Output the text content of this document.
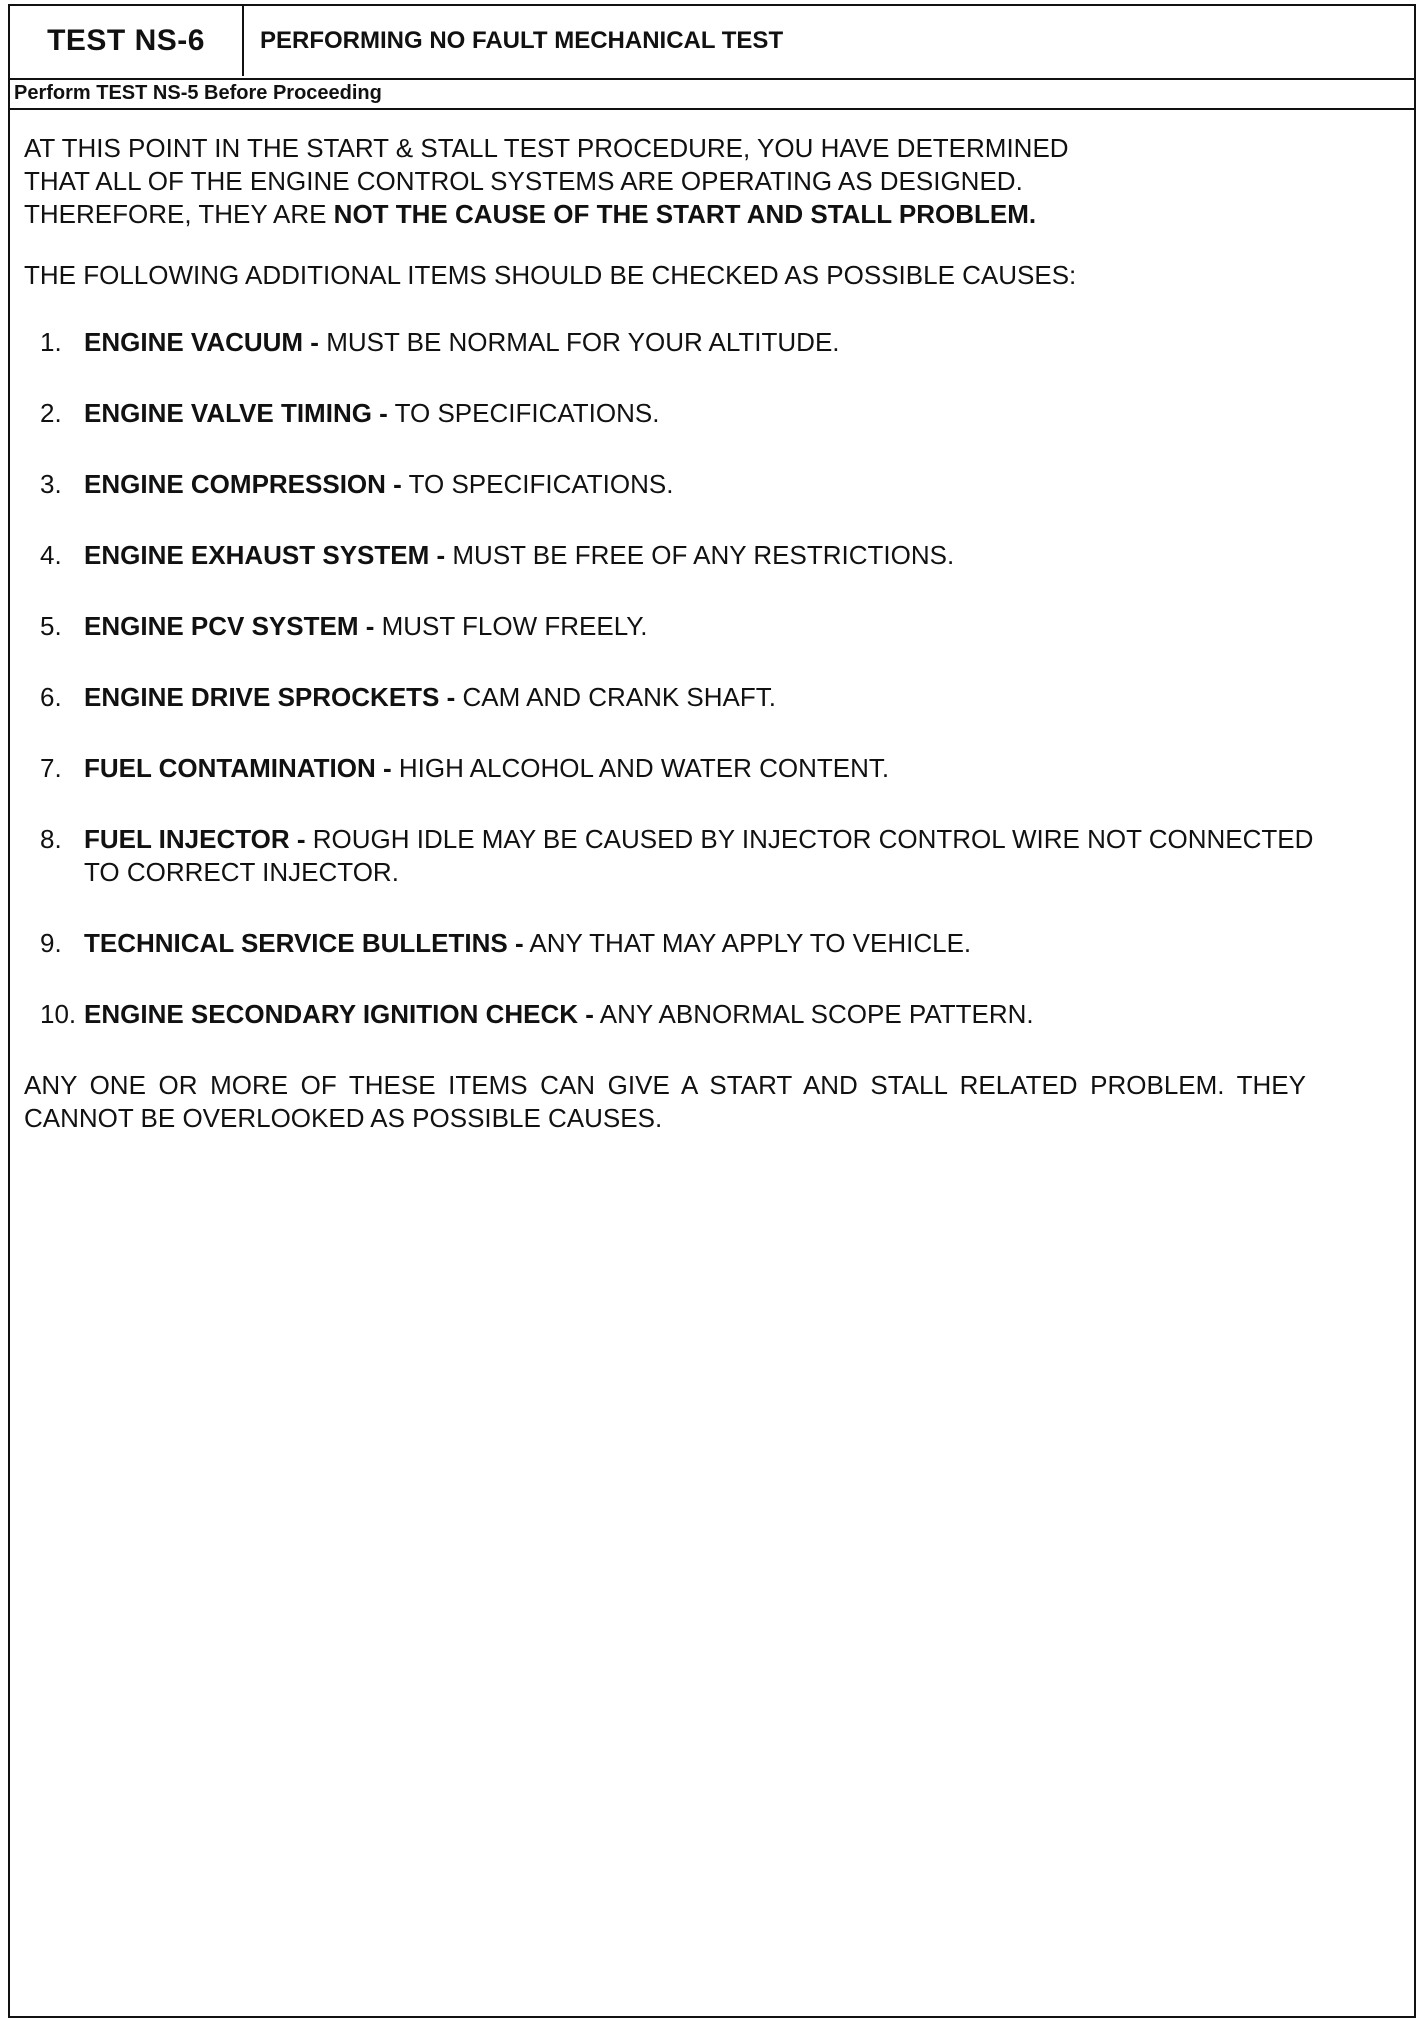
TEST NS-6	PERFORMING NO FAULT MECHANICAL TEST
Perform TEST NS-5 Before Proceeding

AT THIS POINT IN THE START & STALL TEST PROCEDURE, YOU HAVE DETERMINED
THAT ALL OF THE ENGINE CONTROL SYSTEMS ARE OPERATING AS DESIGNED.
THEREFORE, THEY ARE NOT THE CAUSE OF THE START AND STALL PROBLEM.

THE FOLLOWING ADDITIONAL ITEMS SHOULD BE CHECKED AS POSSIBLE CAUSES:

1. ENGINE VACUUM - MUST BE NORMAL FOR YOUR ALTITUDE.
2. ENGINE VALVE TIMING - TO SPECIFICATIONS.
3. ENGINE COMPRESSION - TO SPECIFICATIONS.
4. ENGINE EXHAUST SYSTEM - MUST BE FREE OF ANY RESTRICTIONS.
5. ENGINE PCV SYSTEM - MUST FLOW FREELY.
6. ENGINE DRIVE SPROCKETS - CAM AND CRANK SHAFT.
7. FUEL CONTAMINATION - HIGH ALCOHOL AND WATER CONTENT.
8. FUEL INJECTOR - ROUGH IDLE MAY BE CAUSED BY INJECTOR CONTROL WIRE NOT CONNECTED TO CORRECT INJECTOR.
9. TECHNICAL SERVICE BULLETINS - ANY THAT MAY APPLY TO VEHICLE.
10. ENGINE SECONDARY IGNITION CHECK - ANY ABNORMAL SCOPE PATTERN.

ANY ONE OR MORE OF THESE ITEMS CAN GIVE A START AND STALL RELATED PROBLEM. THEY CANNOT BE OVERLOOKED AS POSSIBLE CAUSES.
